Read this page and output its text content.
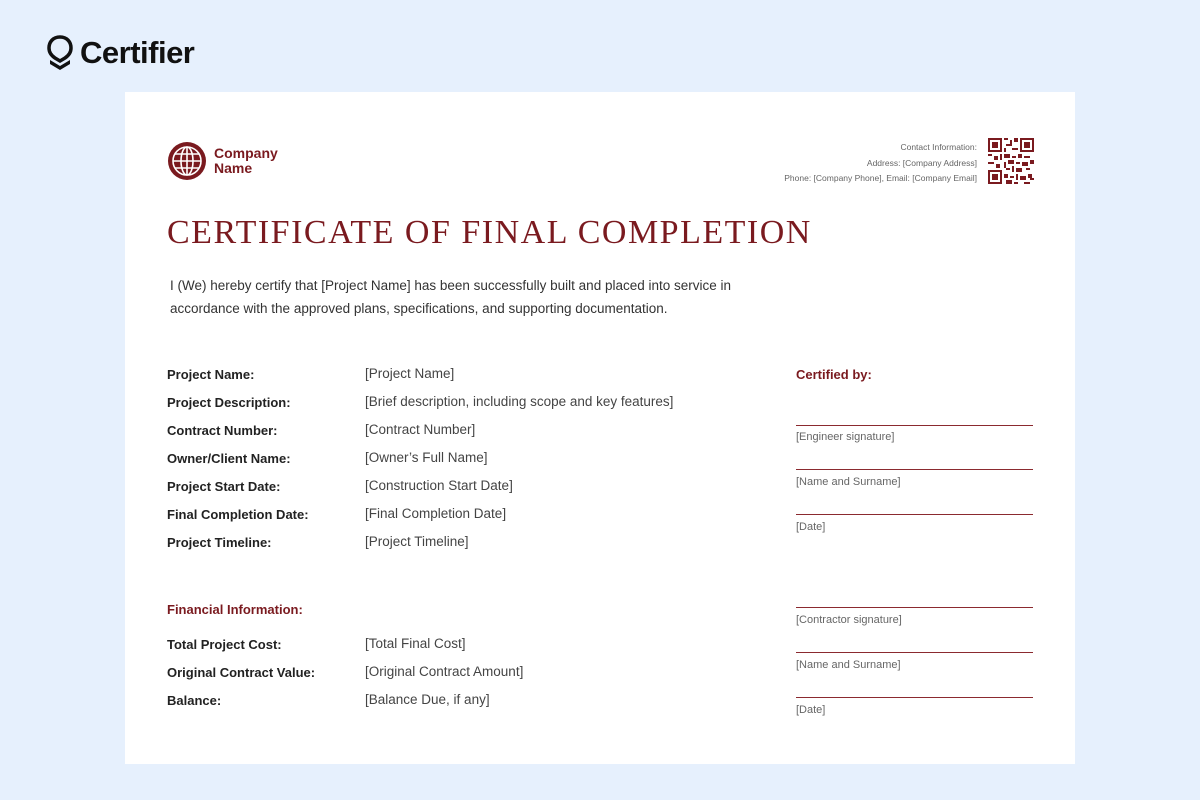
Certifier
Company Name
Contact Information:
Address: [Company Address]
Phone: [Company Phone], Email: [Company Email]
CERTIFICATE OF FINAL COMPLETION
I (We) hereby certify that [Project Name] has been successfully built and placed into service in accordance with the approved plans, specifications, and supporting documentation.
Project Name:	[Project Name]
Project Description:	[Brief description, including scope and key features]
Contract Number:	[Contract Number]
Owner/Client Name:	[Owner’s Full Name]
Project Start Date:	[Construction Start Date]
Final Completion Date:	[Final Completion Date]
Project Timeline:	[Project Timeline]
Financial Information:
Total Project Cost:	[Total Final Cost]
Original Contract Value:	[Original Contract Amount]
Balance:	[Balance Due, if any]
Certified by:
[Engineer signature]
[Name and Surname]
[Date]
[Contractor signature]
[Name and Surname]
[Date]
